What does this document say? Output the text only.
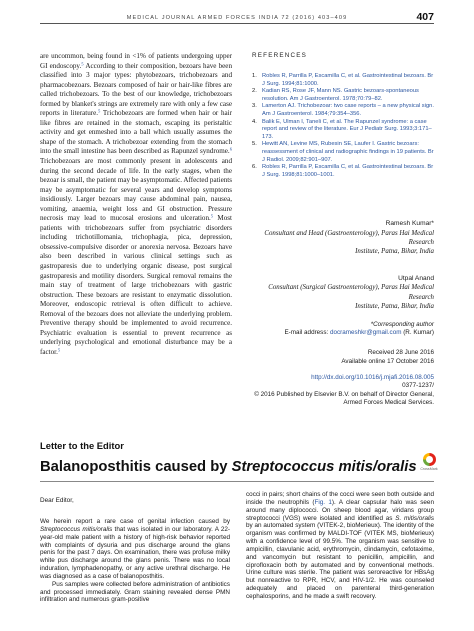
MEDICAL JOURNAL ARMED FORCES INDIA 72 (2016) 403–409	407

are uncommon, being found in <1% of patients undergoing upper GI endoscopy.$^5$ According to their composition, bezoars have been classified into 3 major types: phytobezoars, trichobezoars and pharmacobezoars. Bezoars composed of hair or hair-like fibres are called trichobezoars. To the best of our knowledge, trichobezoars formed by blanket's strings are extremely rare with only a few case reports in literature.$^5$ Trichobezoars are formed when hair or hair like fibres are retained in the stomach, escaping its peristaltic activity and get enmeshed into a ball which usually assumes the shape of the stomach. A trichobezoar extending from the stomach into the small intestine has been described as Rapunzel syndrome.$^6$ Trichobezoars are most commonly present in adolescents and during the second decade of life. In the early stages, when the bezoar is small, the patient may be asymptomatic. Affected patients may be asymptomatic for several years and develop symptoms insidiously. Larger bezoars may cause abdominal pain, nausea, vomiting, anaemia, weight loss and GI obstruction. Pressure necrosis may lead to mucosal erosions and ulceration.$^5$ Most patients with trichobezoars suffer from psychiatric disorders including trichotillomania, trichophagia, pica, depression, obsessive-compulsive disorder or anorexia nervosa. Bezoars have also been described in various clinical settings such as gastroparesis due to underlying organic disease, post surgical gastroparesis and motility disorders. Surgical removal remains the main stay of treatment of large trichobezoars with gastric obstruction. These bezoars are resistant to enzymatic dissolution. Moreover, endoscopic retrieval is often difficult to achieve. Removal of the bezoars does not alleviate the underlying problem. Preventive therapy should be implemented to avoid recurrence. Psychiatric evaluation is essential to prevent recurrence as underlying psychological and emotional disturbance may be a factor.$^5$

REFERENCES
1. Robles R, Parrilla P, Escamilla C, et al. Gastrointestinal bezoars. Br J Surg. 1994;81:1000.
2. Kadian RS, Rose JF, Mann NS. Gastric bezoars-spontaneous resolution. Am J Gastroenterol. 1978;70:79–82.
3. Lamerton AJ. Trichobezoar: two case reports – a new physical sign. Am J Gastroenterol. 1984;79:354–356.
4. Balik E, Ulman I, Taneli C, et al. The Rapunzel syndrome: a case report and review of the literature. Eur J Pediatr Surg. 1993;3:171–173.
5. Hewitt AN, Levine MS, Rubesin SE, Laufer I. Gastric bezoars: reassessment of clinical and radiographic findings in 19 patients. Br J Radiol. 2009;82:901–907.
6. Robles R, Parrilla P, Escamilla C, et al. Gastrointestinal bezoars. Br J Surg. 1998;81:1000–1001.
Ramesh Kumar*
Consultant and Head (Gastroenterology), Paras Hai Medical Research
Institute, Patna, Bihar, India
Utpal Anand
Consultant (Surgical Gastroenterology), Paras Hai Medical Research
Institute, Patna, Bihar, India
*Corresponding author
E-mail address: docrameshkr@gmail.com (R. Kumar)
Received 28 June 2016
Available online 17 October 2016
http://dx.doi.org/10.1016/j.mjafi.2016.08.005
0377-1237/
© 2016 Published by Elsevier B.V. on behalf of Director General,
Armed Forces Medical Services.
Letter to the Editor
Balanoposthitis caused by Streptococcus mitis/oralis	CrossMark
Dear Editor,

We herein report a rare case of genital infection caused by Streptococcus mitis/oralis that was isolated in our laboratory. A 22-year-old male patient with a history of high-risk behavior reported with complaints of dysuria and pus discharge around the glans penis for the past 7 days. On examination, there was profuse milky white pus discharge around the glans penis. There was no local induration, lymphadenopathy, or any active urethral discharge. He was diagnosed as a case of balanoposthitis.

Pus samples were collected before administration of antibiotics and processed immediately. Gram staining revealed dense PMN infiltration and numerous gram-positive

cocci in pairs; short chains of the cocci were seen both outside and inside the neutrophils (Fig. 1). A clear capsular halo was seen around many diplococci. On sheep blood agar, viridans group streptococci (VGS) were isolated and identified as S. mitis/oralis by an automated system (VITEK-2, bioMerieux). The identity of the organism was confirmed by MALDI-TOF (VITEK MS, bioMerieux) with a confidence level of 99.5%. The organism was sensitive to ampicillin, clavulanic acid, erythromycin, clindamycin, cefotaxime, and vancomycin but resistant to penicillin, ampicillin, and ciprofloxacin both by automated and by conventional methods. Urine culture was sterile. The patient was seroreactive for HBsAg but nonreactive to RPR, HCV, and HIV-1/2. He was counseled adequately and placed on parenteral third-generation cephalosporins, and he made a swift recovery.
